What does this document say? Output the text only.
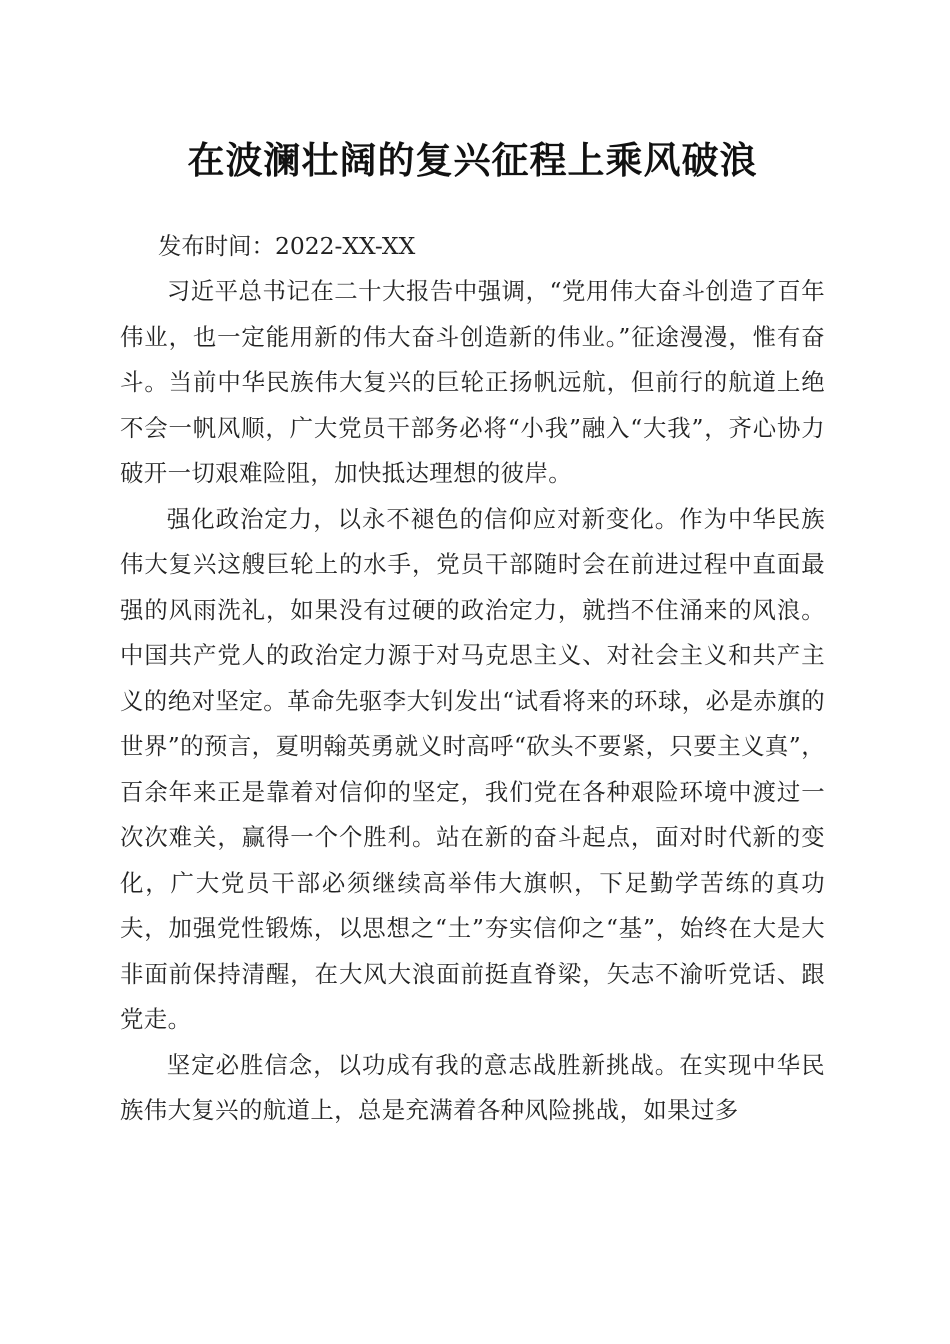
在波澜壮阔的复兴征程上乘风破浪
发布时间：2022-XX-XX

习近平总书记在二十大报告中强调，“党用伟大奋斗创造了百年伟业，也一定能用新的伟大奋斗创造新的伟业。”征途漫漫，惟有奋斗。当前中华民族伟大复兴的巨轮正扬帆远航，但前行的航道上绝不会一帆风顺，广大党员干部务必将“小我”融入“大我”，齐心协力破开一切艰难险阻，加快抵达理想的彼岸。

强化政治定力，以永不褪色的信仰应对新变化。作为中华民族伟大复兴这艘巨轮上的水手，党员干部随时会在前进过程中直面最强的风雨洗礼，如果没有过硬的政治定力，就挡不住涌来的风浪。中国共产党人的政治定力源于对马克思主义、对社会主义和共产主义的绝对坚定。革命先驱李大钊发出“试看将来的环球，必是赤旗的世界”的预言，夏明翰英勇就义时高呼“砍头不要紧，只要主义真”，百余年来正是靠着对信仰的坚定，我们党在各种艰险环境中渡过一次次难关，赢得一个个胜利。站在新的奋斗起点，面对时代新的变化，广大党员干部必须继续高举伟大旗帜，下足勤学苦练的真功夫，加强党性锻炼，以思想之“土”夯实信仰之“基”，始终在大是大非面前保持清醒，在大风大浪面前挺直脊梁，矢志不渝听党话、跟党走。

坚定必胜信念，以功成有我的意志战胜新挑战。在实现中华民族伟大复兴的航道上，总是充满着各种风险挑战，如果过多
